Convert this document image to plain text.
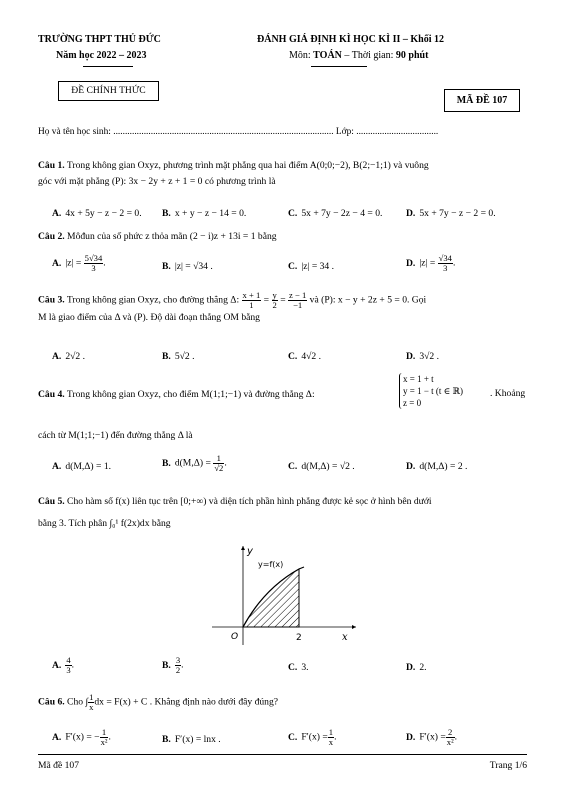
TRƯỜNG THPT THỦ ĐỨC
Năm học 2022 – 2023
ĐÁNH GIÁ ĐỊNH KÌ HỌC KÌ II – Khối 12
Môn: TOÁN – Thời gian: 90 phút
ĐỀ CHÍNH THỨC
MÃ ĐỀ 107
Họ và tên học sinh: .............................................................................................. Lớp: ...................................
Câu 1. Trong không gian Oxyz, phương trình mặt phẳng qua hai điểm A(0;0;−2), B(2;−1;1) và vuông
góc với mặt phẳng (P): 3x − 2y + z + 1 = 0 có phương trình là
A. 4x + 5y − z − 2 = 0. B. x + y − z − 14 = 0.	C. 5x + 7y − 2z − 4 = 0. D. 5x + 7y − z − 2 = 0.
Câu 2. Môđun của số phức z thỏa mãn (2 − i)z + 13i = 1 bằng
A. $|z| = \frac{5√34}{3}$ .	B. |z| = √34 .	C. |z| = 34 .	D. $|z| = \frac{√34}{3}$ .
Câu 3. Trong không gian Oxyz, cho đường thẳng Δ: $\frac{x + 1}{1} = \frac{y}{2} = \frac{z - 1}{-1}$ và (P): x − y + 2z + 5 = 0. Gọi
M là giao điểm của Δ và (P). Độ dài đoạn thẳng OM bằng
A. 2√2 .	B. 5√2 .	C. 4√2 .	D. 3√2 .
Câu 4. Trong không gian Oxyz, cho điểm M(1;1;−1) và đường thẳng Δ:
x = 1 + t
y = 1 − t (t ∈ ℝ)
z = 0
. Khoảng
cách từ M(1;1;−1) đến đường thẳng Δ là
A. d(M,Δ) = 1.	B. $d(M,\Delta) = \frac{1}{√2}$ .	C. d(M,Δ) = √2 .	D. d(M,Δ) = 2 .
Câu 5. Cho hàm số f(x) liên tục trên [0;+∞) và diện tích phần hình phẳng được kẻ sọc ở hình bên dưới
bằng 3. Tích phân ∫₀¹ f(2x)dx bằng
y
y=f(x)
O	2	x
A. $\frac{4}{3}$ .	B. $\frac{3}{2}$ .	C. 3.	D. 2.
Câu 6. Cho ∫ $\frac{1}{x}$ dx = F(x) + C . Khẳng định nào dưới đây đúng?
A. F′(x) = − $\frac{1}{\text{x²}}$ .	B. F′(x) = lnx .	C. $F'(x) = \frac{1}{x}$ .	D. $F'(x) = \frac{2}{\text{x²}}$ .
Mã đề 107	Trang 1/6
